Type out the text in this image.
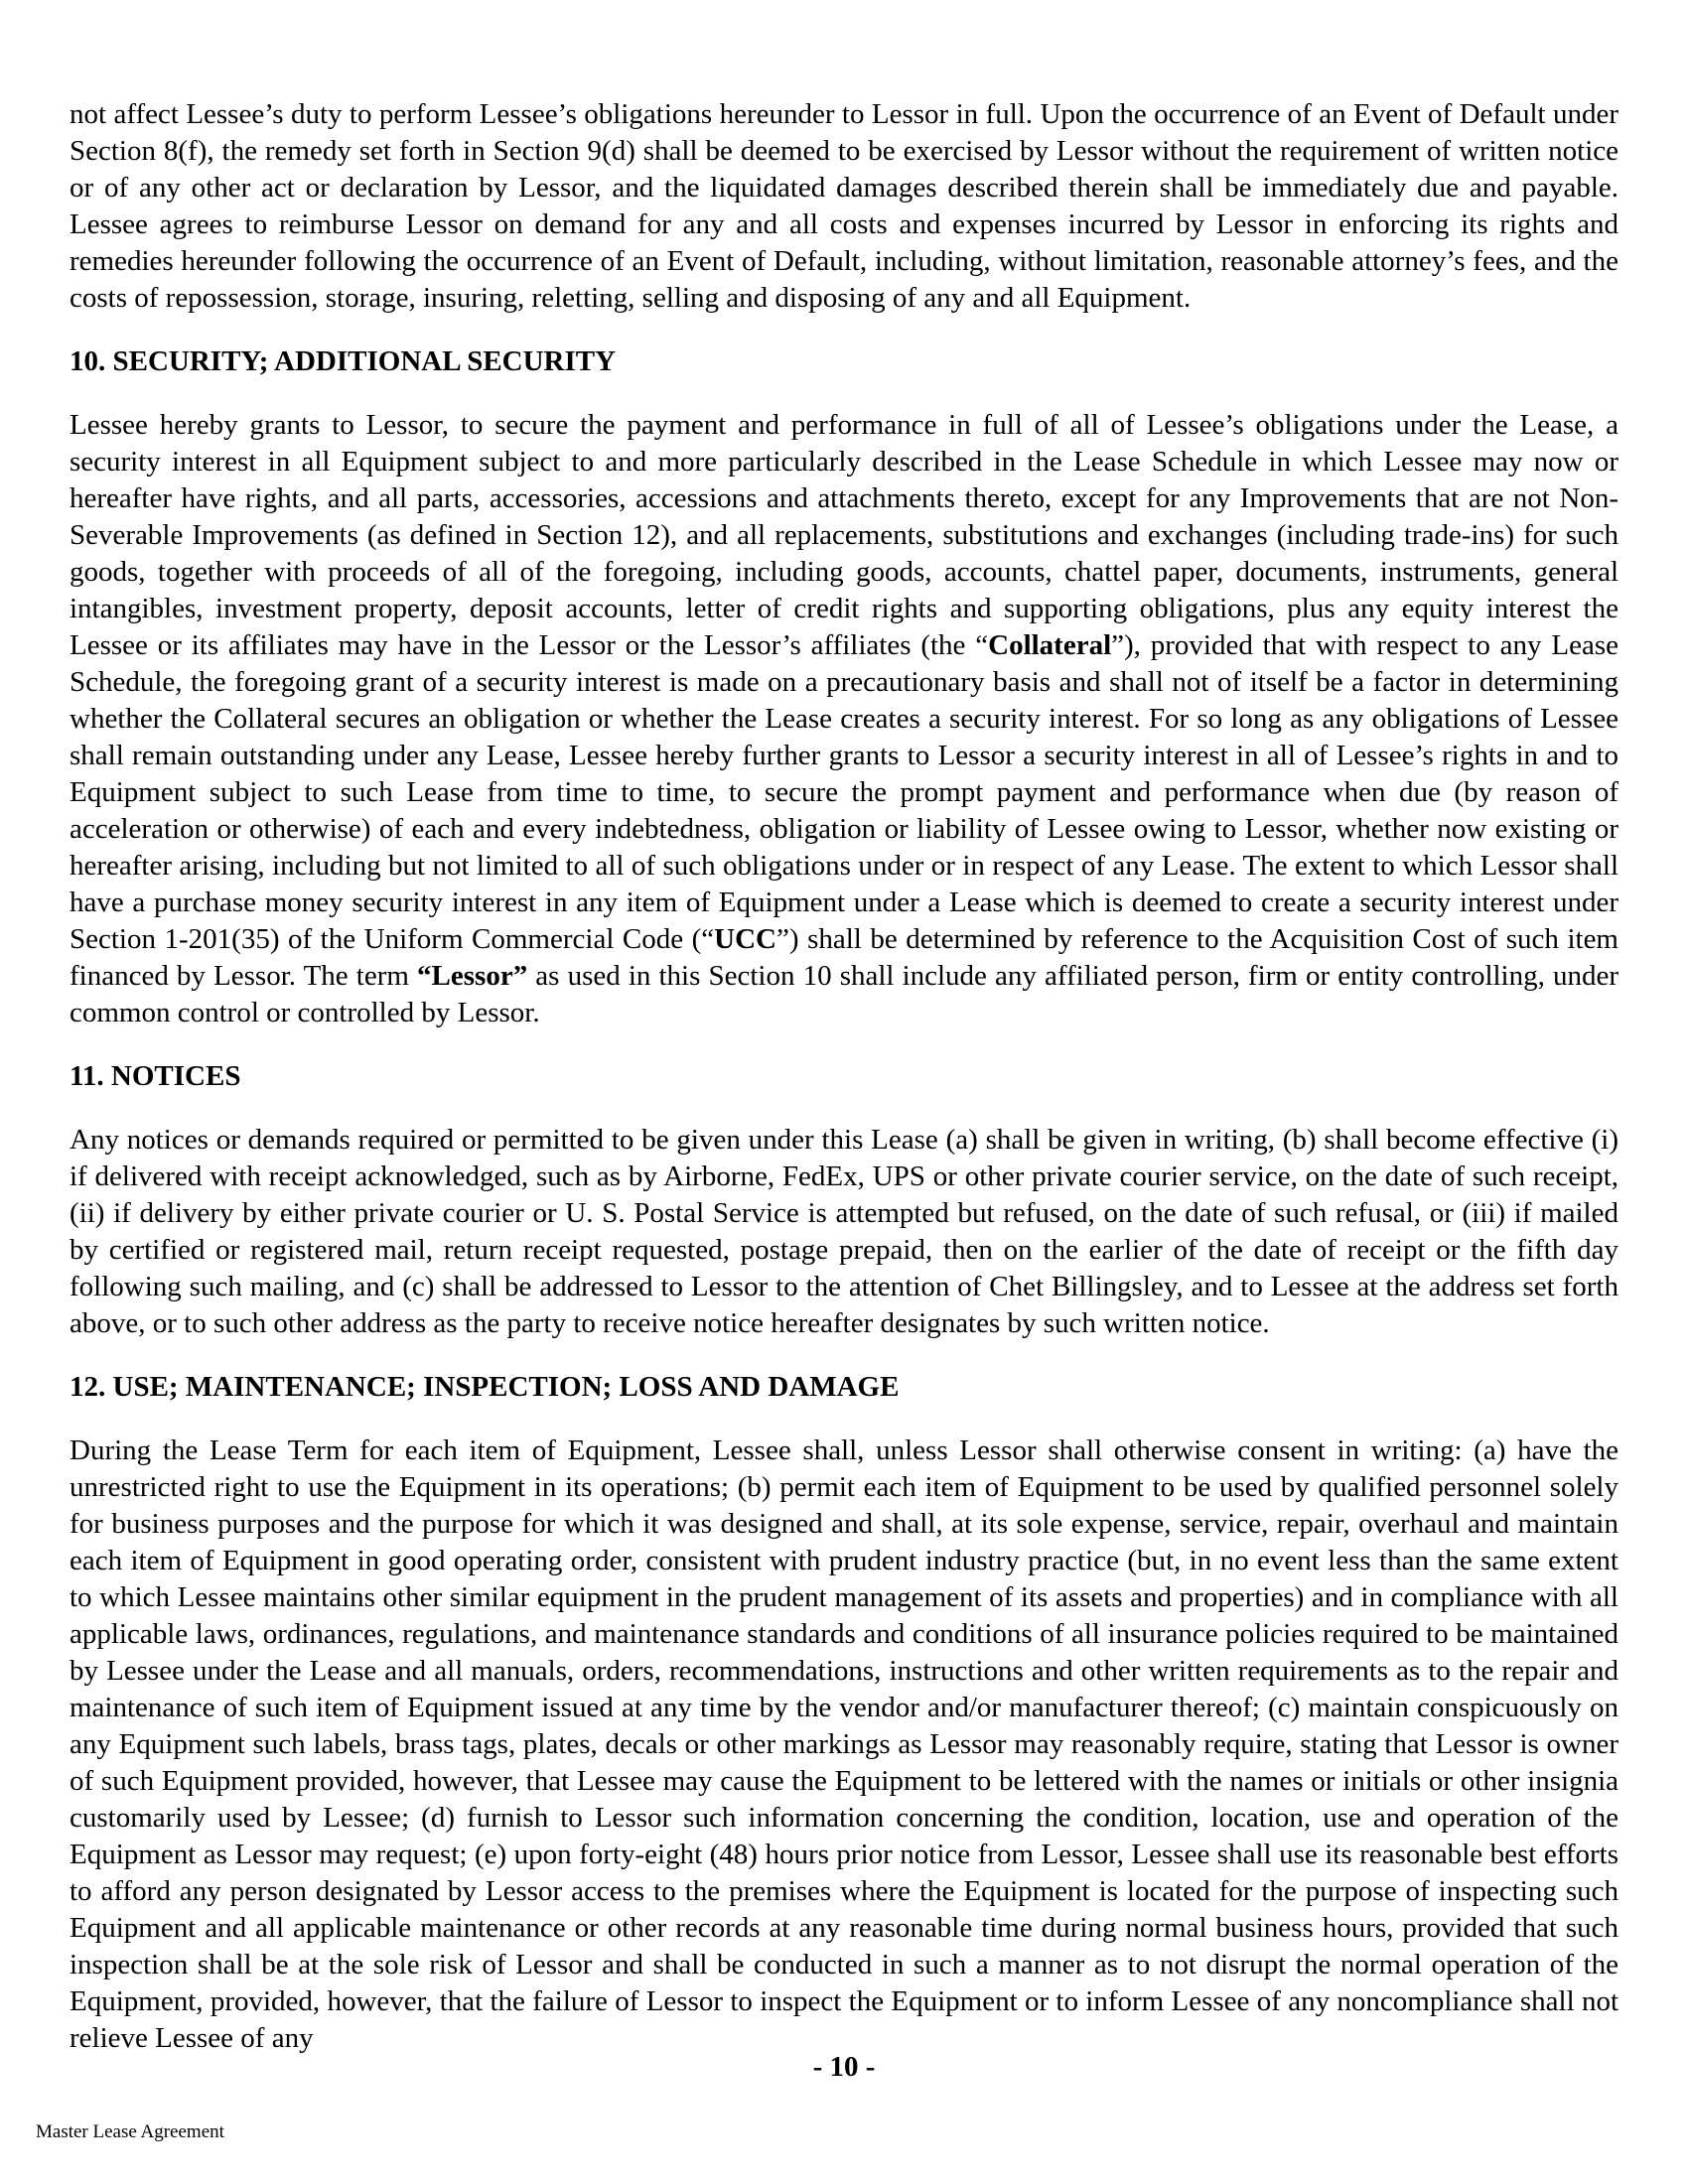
not affect Lessee’s duty to perform Lessee’s obligations hereunder to Lessor in full. Upon the occurrence of an Event of Default under Section 8(f), the remedy set forth in Section 9(d) shall be deemed to be exercised by Lessor without the requirement of written notice or of any other act or declaration by Lessor, and the liquidated damages described therein shall be immediately due and payable. Lessee agrees to reimburse Lessor on demand for any and all costs and expenses incurred by Lessor in enforcing its rights and remedies hereunder following the occurrence of an Event of Default, including, without limitation, reasonable attorney’s fees, and the costs of repossession, storage, insuring, reletting, selling and disposing of any and all Equipment.

10. SECURITY; ADDITIONAL SECURITY

Lessee hereby grants to Lessor, to secure the payment and performance in full of all of Lessee’s obligations under the Lease, a security interest in all Equipment subject to and more particularly described in the Lease Schedule in which Lessee may now or hereafter have rights, and all parts, accessories, accessions and attachments thereto, except for any Improvements that are not Non-Severable Improvements (as defined in Section 12), and all replacements, substitutions and exchanges (including trade-ins) for such goods, together with proceeds of all of the foregoing, including goods, accounts, chattel paper, documents, instruments, general intangibles, investment property, deposit accounts, letter of credit rights and supporting obligations, plus any equity interest the Lessee or its affiliates may have in the Lessor or the Lessor’s affiliates (the “Collateral”), provided that with respect to any Lease Schedule, the foregoing grant of a security interest is made on a precautionary basis and shall not of itself be a factor in determining whether the Collateral secures an obligation or whether the Lease creates a security interest. For so long as any obligations of Lessee shall remain outstanding under any Lease, Lessee hereby further grants to Lessor a security interest in all of Lessee’s rights in and to Equipment subject to such Lease from time to time, to secure the prompt payment and performance when due (by reason of acceleration or otherwise) of each and every indebtedness, obligation or liability of Lessee owing to Lessor, whether now existing or hereafter arising, including but not limited to all of such obligations under or in respect of any Lease. The extent to which Lessor shall have a purchase money security interest in any item of Equipment under a Lease which is deemed to create a security interest under Section 1-201(35) of the Uniform Commercial Code (“UCC”) shall be determined by reference to the Acquisition Cost of such item financed by Lessor. The term “Lessor” as used in this Section 10 shall include any affiliated person, firm or entity controlling, under common control or controlled by Lessor.

11. NOTICES

Any notices or demands required or permitted to be given under this Lease (a) shall be given in writing, (b) shall become effective (i) if delivered with receipt acknowledged, such as by Airborne, FedEx, UPS or other private courier service, on the date of such receipt, (ii) if delivery by either private courier or U. S. Postal Service is attempted but refused, on the date of such refusal, or (iii) if mailed by certified or registered mail, return receipt requested, postage prepaid, then on the earlier of the date of receipt or the fifth day following such mailing, and (c) shall be addressed to Lessor to the attention of Chet Billingsley, and to Lessee at the address set forth above, or to such other address as the party to receive notice hereafter designates by such written notice.

12. USE; MAINTENANCE; INSPECTION; LOSS AND DAMAGE

During the Lease Term for each item of Equipment, Lessee shall, unless Lessor shall otherwise consent in writing: (a) have the unrestricted right to use the Equipment in its operations; (b) permit each item of Equipment to be used by qualified personnel solely for business purposes and the purpose for which it was designed and shall, at its sole expense, service, repair, overhaul and maintain each item of Equipment in good operating order, consistent with prudent industry practice (but, in no event less than the same extent to which Lessee maintains other similar equipment in the prudent management of its assets and properties) and in compliance with all applicable laws, ordinances, regulations, and maintenance standards and conditions of all insurance policies required to be maintained by Lessee under the Lease and all manuals, orders, recommendations, instructions and other written requirements as to the repair and maintenance of such item of Equipment issued at any time by the vendor and/or manufacturer thereof; (c) maintain conspicuously on any Equipment such labels, brass tags, plates, decals or other markings as Lessor may reasonably require, stating that Lessor is owner of such Equipment provided, however, that Lessee may cause the Equipment to be lettered with the names or initials or other insignia customarily used by Lessee; (d) furnish to Lessor such information concerning the condition, location, use and operation of the Equipment as Lessor may request; (e) upon forty-eight (48) hours prior notice from Lessor, Lessee shall use its reasonable best efforts to afford any person designated by Lessor access to the premises where the Equipment is located for the purpose of inspecting such Equipment and all applicable maintenance or other records at any reasonable time during normal business hours, provided that such inspection shall be at the sole risk of Lessor and shall be conducted in such a manner as to not disrupt the normal operation of the Equipment, provided, however, that the failure of Lessor to inspect the Equipment or to inform Lessee of any noncompliance shall not relieve Lessee of any

- 10 -
Master Lease Agreement
